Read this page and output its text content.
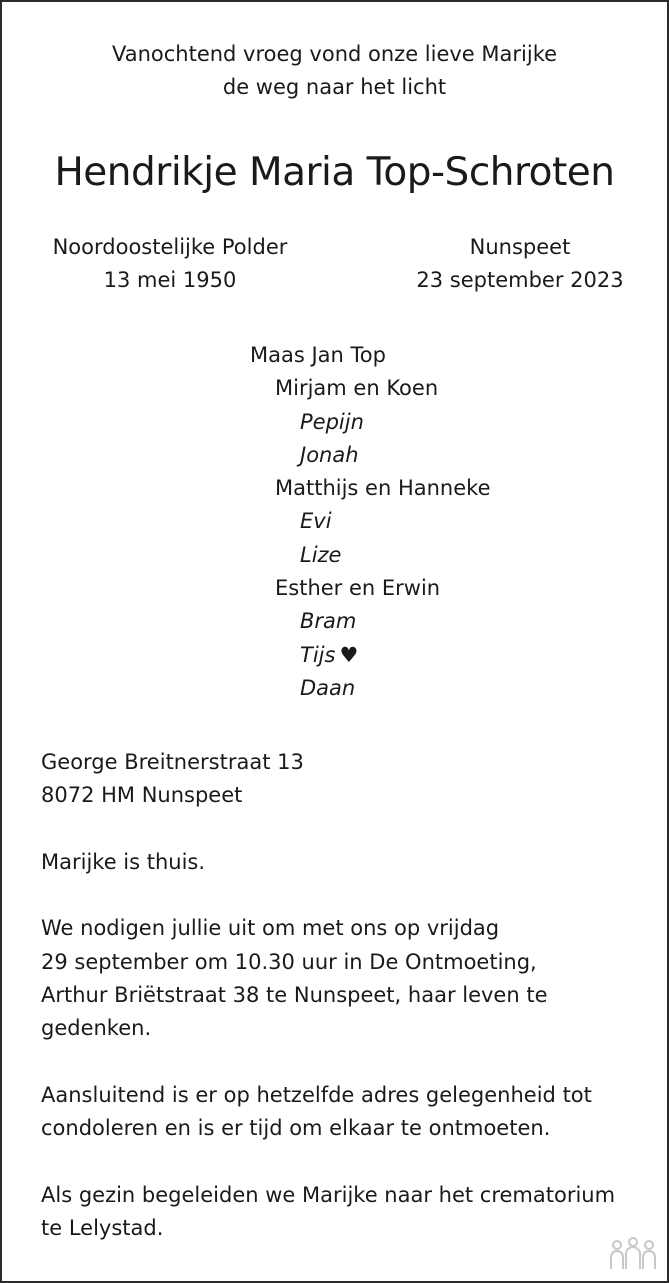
Vanochtend vroeg vond onze lieve Marijke
de weg naar het licht
Hendrikje Maria Top-Schroten
Noordoostelijke Polder
13 mei 1950
Nunspeet
23 september 2023
Maas Jan Top
Mirjam en Koen
Pepijn
Jonah
Matthijs en Hanneke
Evi
Lize
Esther en Erwin
Bram
Tijs ♥
Daan

George Breitnerstraat 13
8072 HM Nunspeet

Marijke is thuis.

We nodigen jullie uit om met ons op vrijdag
29 september om 10.30 uur in De Ontmoeting,
Arthur Briëtstraat 38 te Nunspeet, haar leven te
gedenken.

Aansluitend is er op hetzelfde adres gelegenheid tot
condoleren en is er tijd om elkaar te ontmoeten.

Als gezin begeleiden we Marijke naar het crematorium
te Lelystad.
